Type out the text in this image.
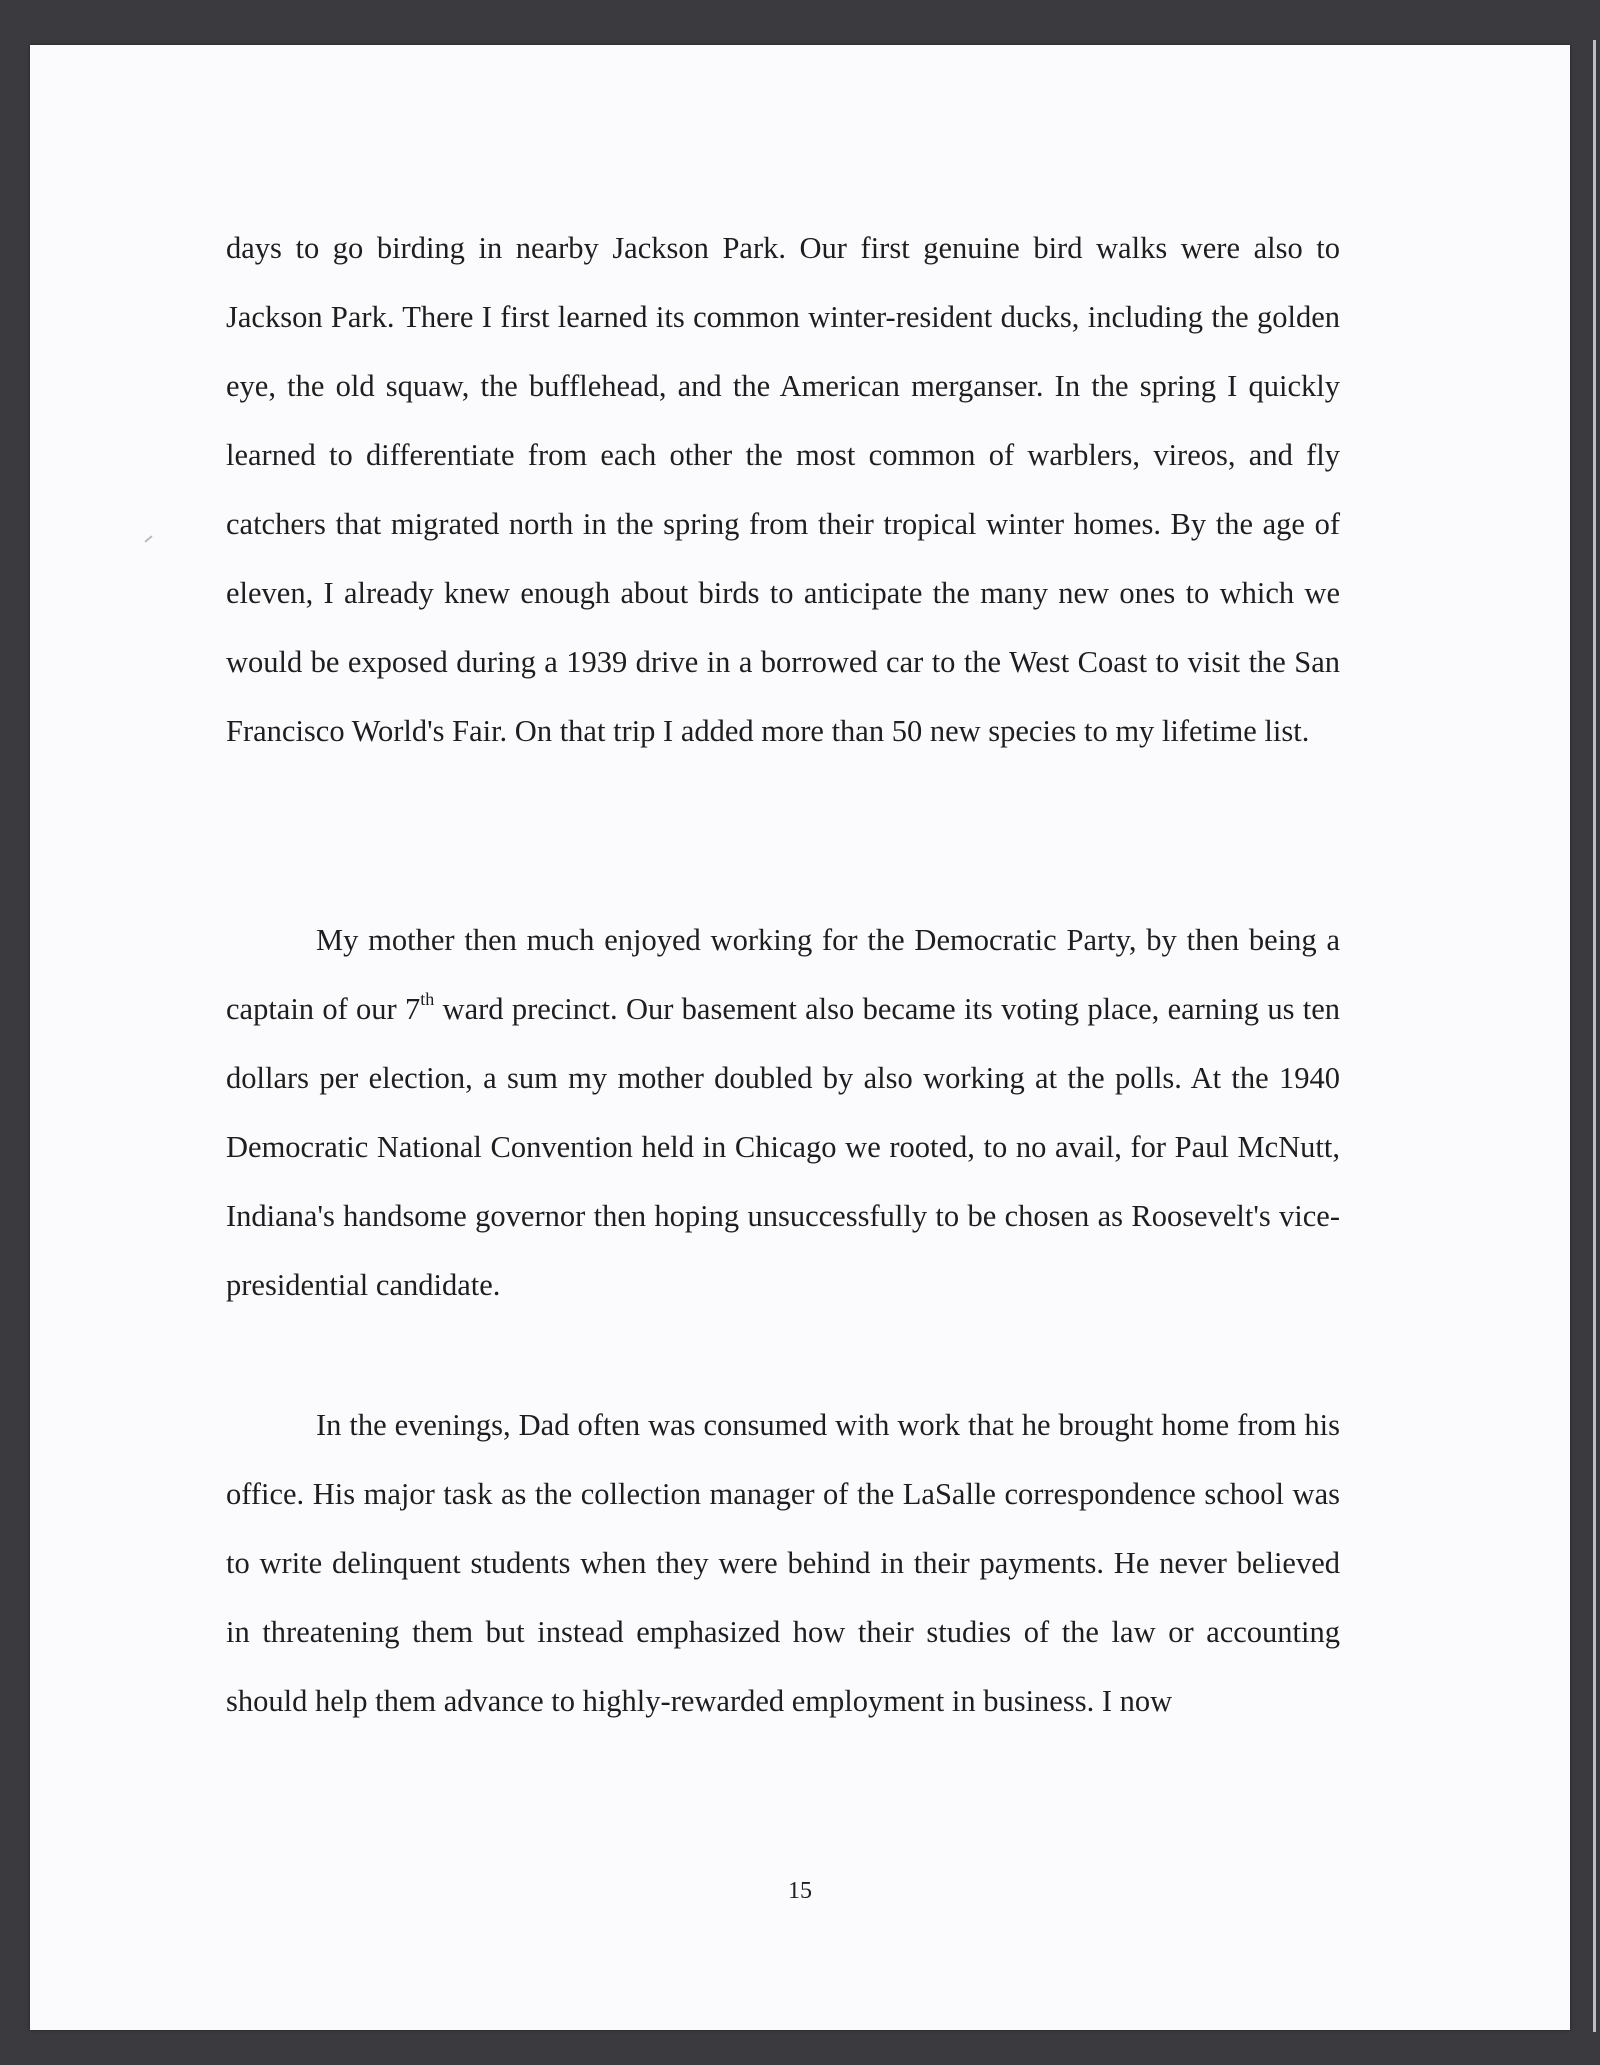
days to go birding in nearby Jackson Park. Our first genuine bird walks were also to Jackson Park. There I first learned its common winter-resident ducks, including the golden eye, the old squaw, the bufflehead, and the American merganser. In the spring I quickly learned to differentiate from each other the most common of warblers, vireos, and fly catchers that migrated north in the spring from their tropical winter homes. By the age of eleven, I already knew enough about birds to anticipate the many new ones to which we would be exposed during a 1939 drive in a borrowed car to the West Coast to visit the San Francisco World's Fair. On that trip I added more than 50 new species to my lifetime list.

My mother then much enjoyed working for the Democratic Party, by then being a captain of our 7th ward precinct. Our basement also became its voting place, earning us ten dollars per election, a sum my mother doubled by also working at the polls. At the 1940 Democratic National Convention held in Chicago we rooted, to no avail, for Paul McNutt, Indiana's handsome governor then hoping unsuccessfully to be chosen as Roosevelt's vice-presidential candidate.

In the evenings, Dad often was consumed with work that he brought home from his office. His major task as the collection manager of the LaSalle correspondence school was to write delinquent students when they were behind in their payments. He never believed in threatening them but instead emphasized how their studies of the law or accounting should help them advance to highly-rewarded employment in business. I now

15
